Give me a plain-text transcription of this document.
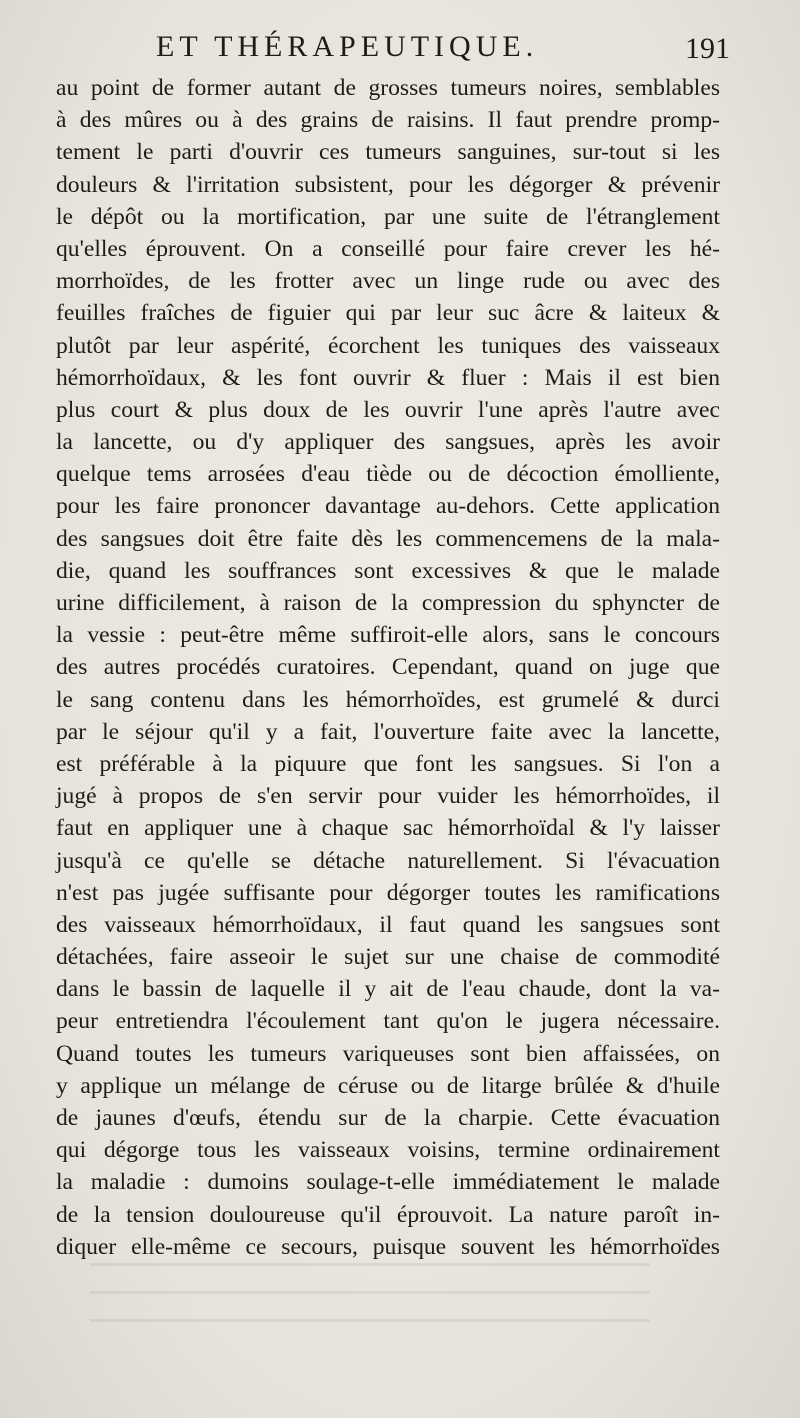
ET THÉRAPEUTIQUE.	191
au point de former autant de grosses tumeurs noires, semblables
à des mûres ou à des grains de raisins. Il faut prendre promp-
tement le parti d'ouvrir ces tumeurs sanguines, sur-tout si les
douleurs & l'irritation subsistent, pour les dégorger & prévenir
le dépôt ou la mortification, par une suite de l'étranglement
qu'elles éprouvent. On a conseillé pour faire crever les hé-
morrhoïdes, de les frotter avec un linge rude ou avec des
feuilles fraîches de figuier qui par leur suc âcre & laiteux &
plutôt par leur aspérité, écorchent les tuniques des vaisseaux
hémorrhoïdaux, & les font ouvrir & fluer : Mais il est bien
plus court & plus doux de les ouvrir l'une après l'autre avec
la lancette, ou d'y appliquer des sangsues, après les avoir
quelque tems arrosées d'eau tiède ou de décoction émolliente,
pour les faire prononcer davantage au-dehors. Cette application
des sangsues doit être faite dès les commencemens de la mala-
die, quand les souffrances sont excessives & que le malade
urine difficilement, à raison de la compression du sphyncter de
la vessie : peut-être même suffiroit-elle alors, sans le concours
des autres procédés curatoires. Cependant, quand on juge que
le sang contenu dans les hémorrhoïdes, est grumelé & durci
par le séjour qu'il y a fait, l'ouverture faite avec la lancette,
est préférable à la piquure que font les sangsues. Si l'on a
jugé à propos de s'en servir pour vuider les hémorrhoïdes, il
faut en appliquer une à chaque sac hémorrhoïdal & l'y laisser
jusqu'à ce qu'elle se détache naturellement. Si l'évacuation
n'est pas jugée suffisante pour dégorger toutes les ramifications
des vaisseaux hémorrhoïdaux, il faut quand les sangsues sont
détachées, faire asseoir le sujet sur une chaise de commodité
dans le bassin de laquelle il y ait de l'eau chaude, dont la va-
peur entretiendra l'écoulement tant qu'on le jugera nécessaire.
Quand toutes les tumeurs variqueuses sont bien affaissées, on
y applique un mélange de céruse ou de litarge brûlée & d'huile
de jaunes d'œufs, étendu sur de la charpie. Cette évacuation
qui dégorge tous les vaisseaux voisins, termine ordinairement
la maladie : dumoins soulage-t-elle immédiatement le malade
de la tension douloureuse qu'il éprouvoit. La nature paroît in-
diquer elle-même ce secours, puisque souvent les hémorrhoïdes
